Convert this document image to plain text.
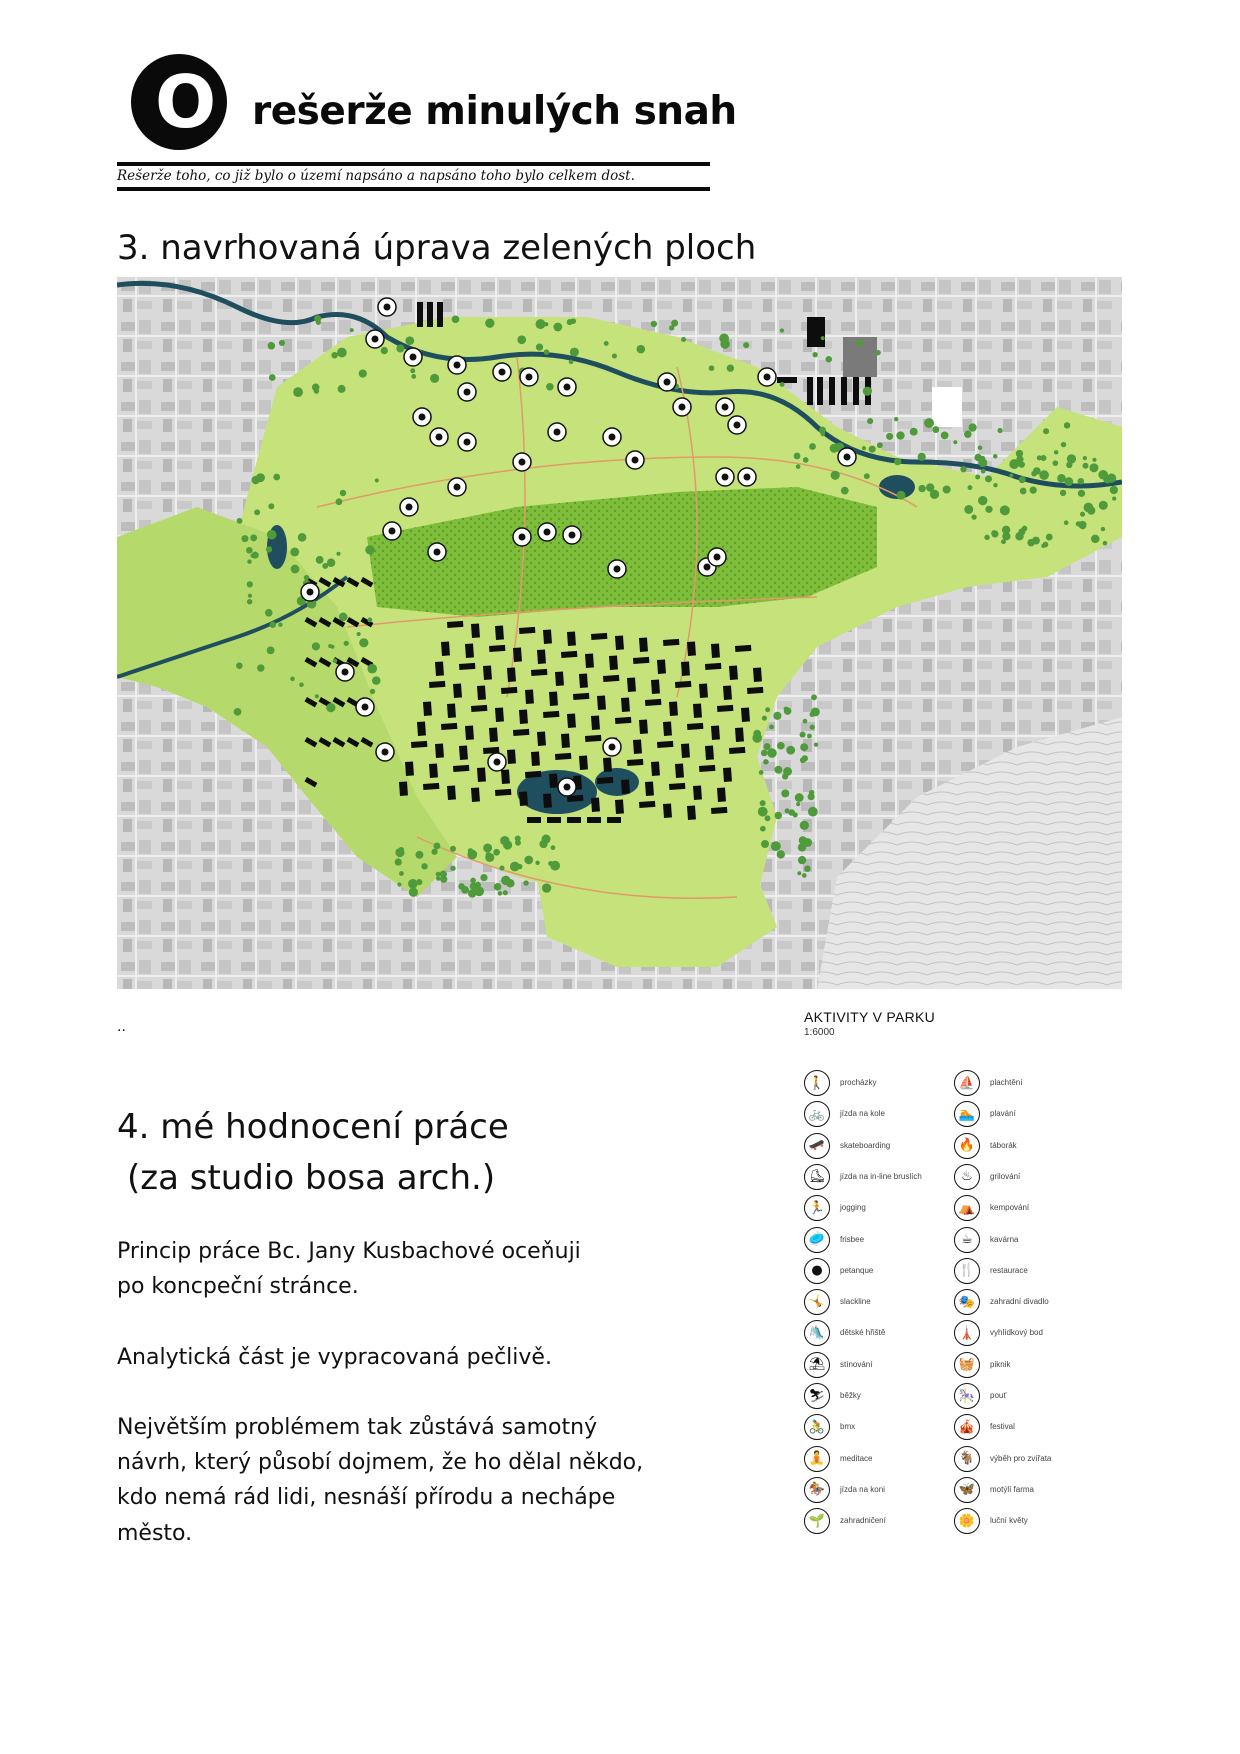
O rešerže minulých snah
Rešerže toho, co již bylo o území napsáno a napsáno toho bylo celkem dost.
3. navrhovaná úprava zelených ploch
..
4. mé hodnocení práce
(za studio bosa arch.)
Princip práce Bc. Jany Kusbachové oceňuji
po koncpeční stránce.
Analytická část je vypracovaná pečlivě.
Největším problémem tak zůstává samotný
návrh, který působí dojmem, že ho dělal někdo,
kdo nemá rád lidi, nesnáší přírodu a nechápe
město.
AKTIVITY V PARKU
1:6000
🚶	procházky
🚲	jízda na kole
🛹	skateboarding
⛸	jízda na in-line bruslích
🏃	jogging
🥏	frisbee
●	petanque
🤸	slackline
🛝	dětské hřiště
⛱	stínování
⛷	běžky
🚴	bmx
🧘	meditace
🏇	jízda na koni
🌱	zahradničení
⛵	plachtění
🏊	plavání
🔥	táborák
♨	grilování
⛺	kempování
☕	kavárna
🍴	restaurace
🎭	zahradní divadlo
🗼	vyhlídkový bod
🧺	piknik
🎠	pouť
🎪	festival
🐐	výběh pro zvířata
🦋	motýlí farma
🌼	luční květy
